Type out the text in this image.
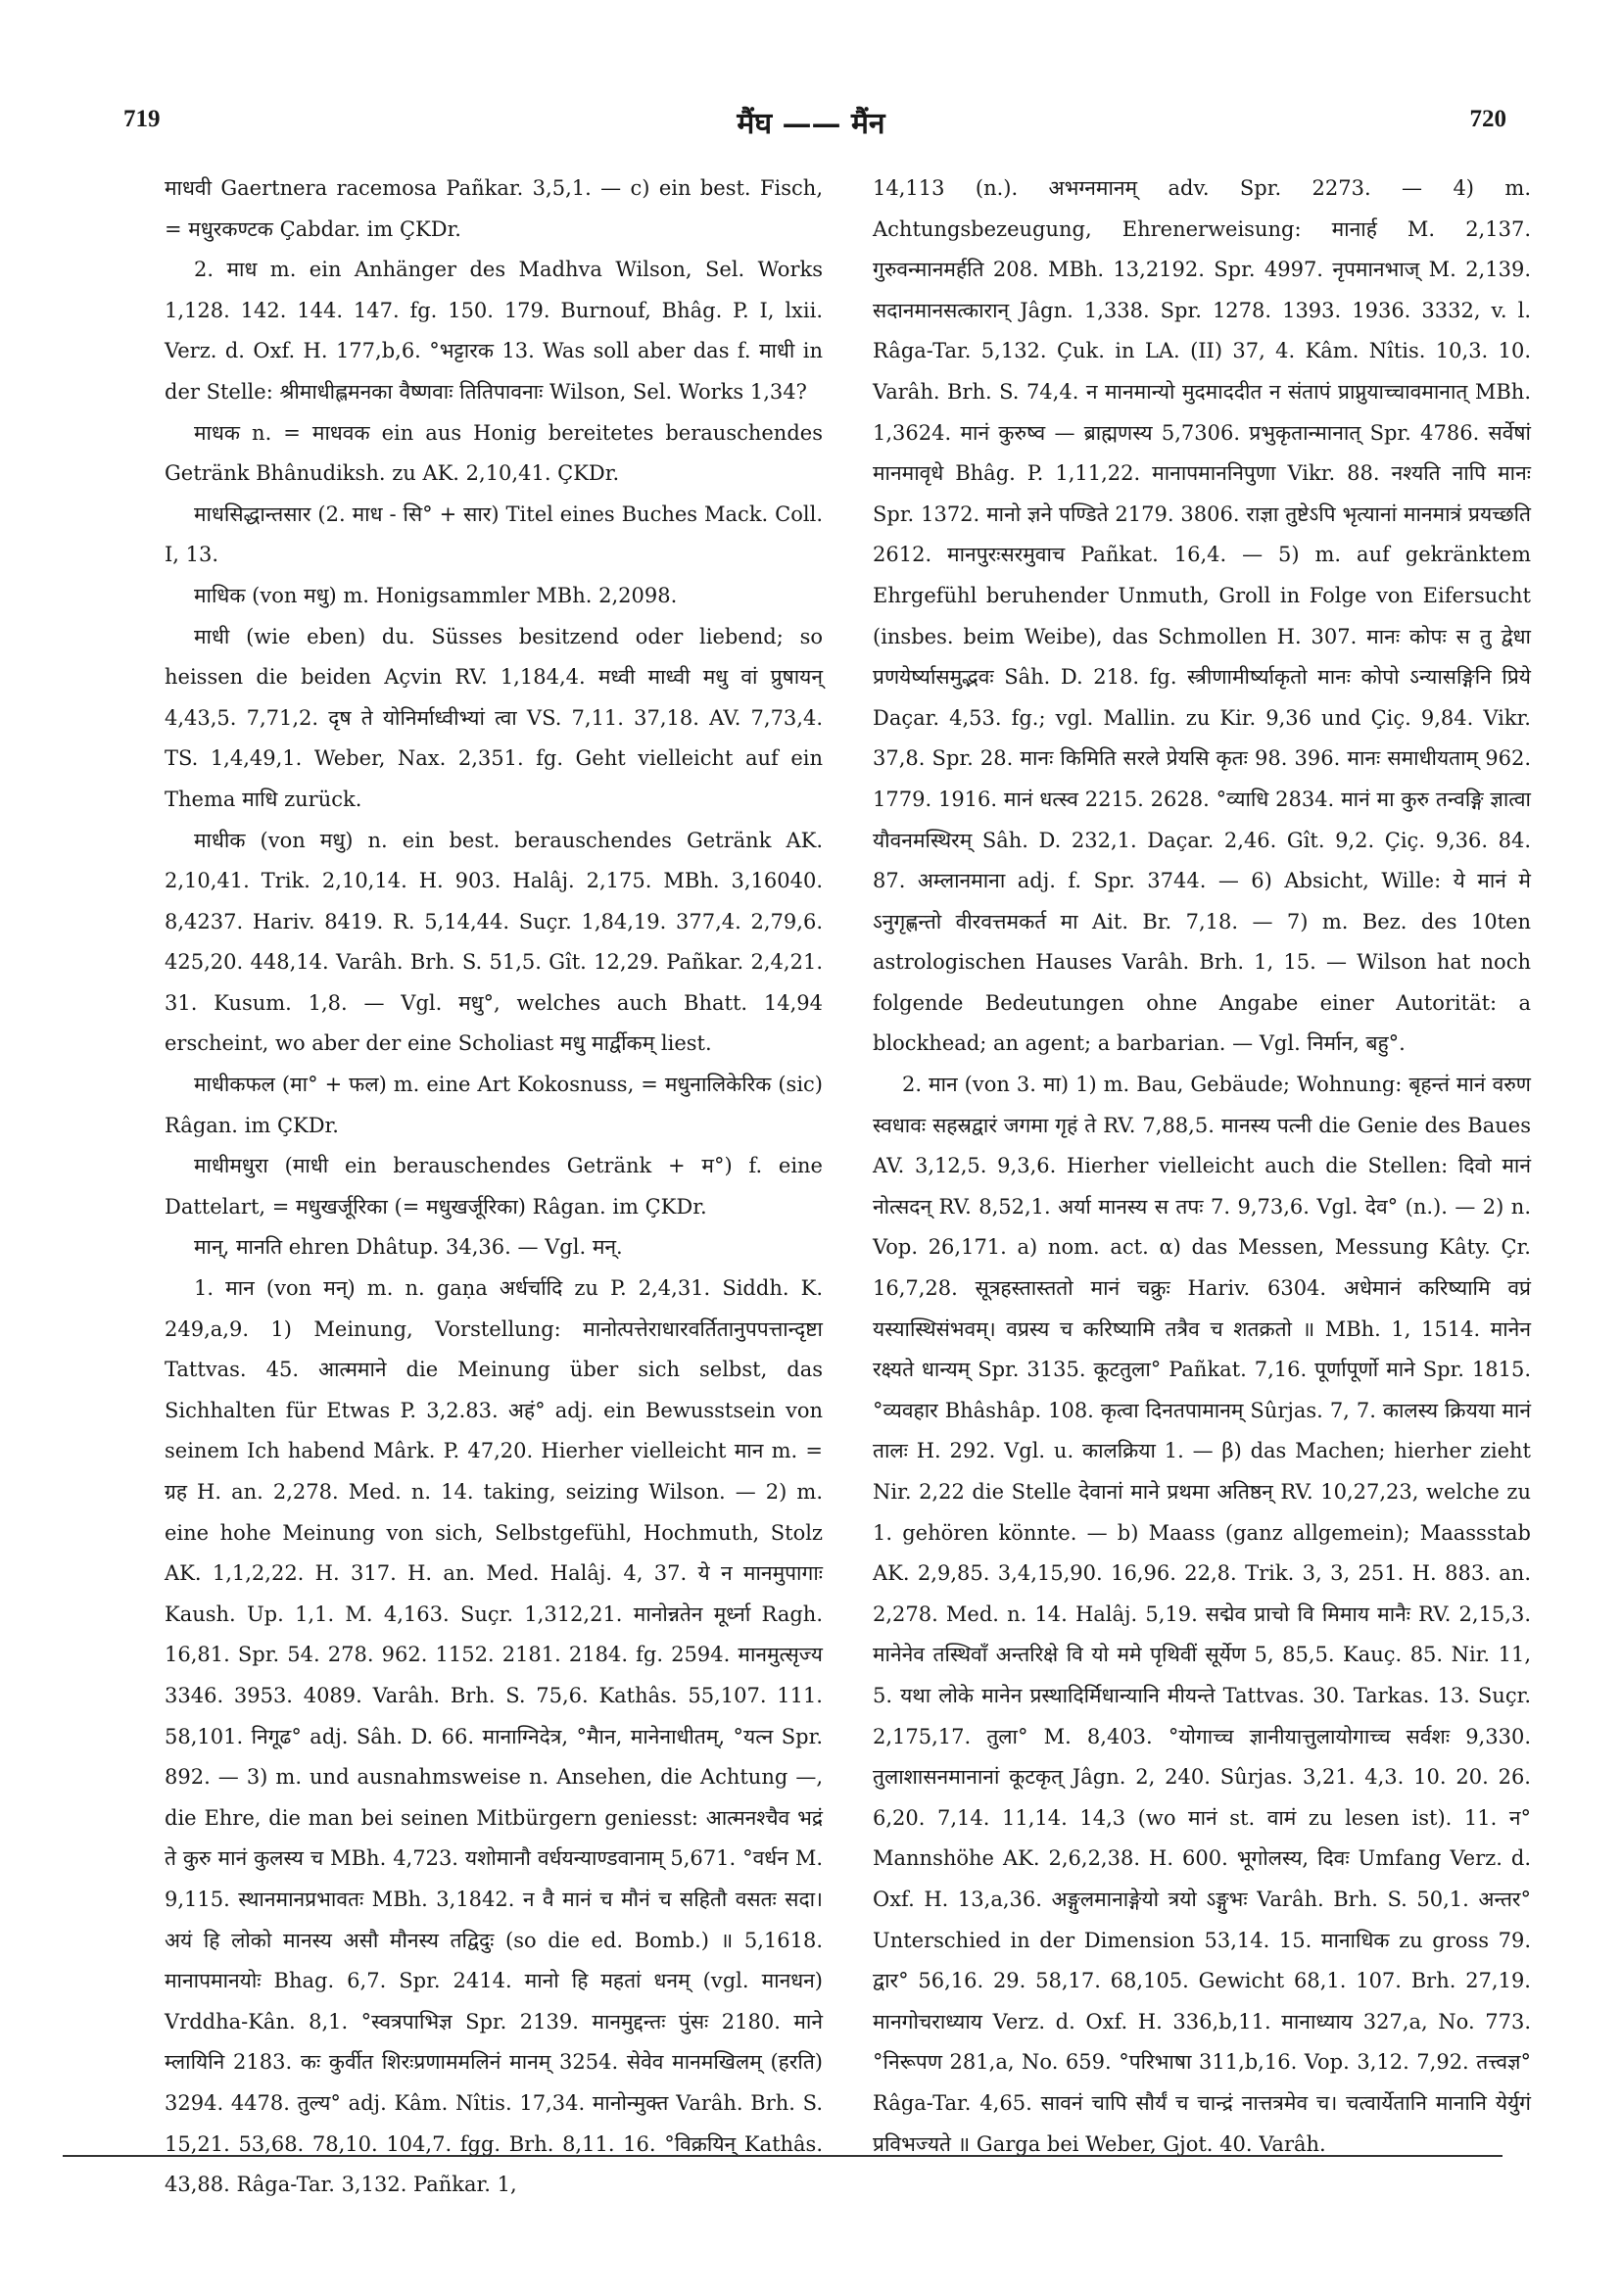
719	मैंघ —— मैंन	720

माधवी Gaertnera racemosa Pañkar. 3,5,1. — c) ein best. Fisch, = मधुरकण्टक Çabdar. im ÇKDr.

2. माध m. ein Anhänger des Madhva Wilson, Sel. Works 1,128. 142. 144. 147. fg. 150. 179. Burnouf, Bhâg. P. I, lxii. Verz. d. Oxf. H. 177,b,6. °भट्टारक 13. Was soll aber das f. माधी in der Stelle: श्रीमाधीह्लमनका वैष्णवाः तितिपावनाः Wilson, Sel. Works 1,34?

माधक n. = माधवक ein aus Honig bereitetes berauschendes Getränk Bhânudiksh. zu AK. 2,10,41. ÇKDr.

माधसिद्धान्तसार (2. माध - सि° + सार) Titel eines Buches Mack. Coll. I, 13.

माधिक (von मधु) m. Honigsammler MBh. 2,2098.

माधी (wie eben) du. Süsses besitzend oder liebend; so heissen die beiden Açvin RV. 1,184,4. मध्वी माध्वी मधु वां प्रुषायन् 4,43,5. 7,71,2. दृष ते योनिर्माध्वीभ्यां त्वा VS. 7,11. 37,18. AV. 7,73,4. TS. 1,4,49,1. Weber, Nax. 2,351. fg. Geht vielleicht auf ein Thema माधि zurück.

माधीक (von मधु) n. ein best. berauschendes Getränk AK. 2,10,41. Trik. 2,10,14. H. 903. Halâj. 2,175. MBh. 3,16040. 8,4237. Hariv. 8419. R. 5,14,44. Suçr. 1,84,19. 377,4. 2,79,6. 425,20. 448,14. Varâh. Brh. S. 51,5. Gît. 12,29. Pañkar. 2,4,21. 31. Kusum. 1,8. — Vgl. मधु°, welches auch Bhatt. 14,94 erscheint, wo aber der eine Scholiast मधु मार्द्वीकम् liest.

माधीकफल (मा° + फल) m. eine Art Kokosnuss, = मधुनालिकेरिक (sic) Râgan. im ÇKDr.

माधीमधुरा (माधी ein berauschendes Getränk + म°) f. eine Dattelart, = मधुखर्जूरिका (= मधुखर्जूरिका) Râgan. im ÇKDr.

मान्, मानति ehren Dhâtup. 34,36. — Vgl. मन्.

1. मान (von मन्) m. n. gaṇa अर्धर्चादि zu P. 2,4,31. Siddh. K. 249,a,9. 1) Meinung, Vorstellung: मानोत्पत्तेराधारवर्तितानुपपत्तान्दृष्टा Tattvas. 45. आत्ममाने die Meinung über sich selbst, das Sichhalten für Etwas P. 3,2.83. अहं° adj. ein Bewusstsein von seinem Ich habend Mârk. P. 47,20. Hierher vielleicht मान m. = ग्रह H. an. 2,278. Med. n. 14. taking, seizing Wilson. — 2) m. eine hohe Meinung von sich, Selbstgefühl, Hochmuth, Stolz AK. 1,1,2,22. H. 317. H. an. Med. Halâj. 4, 37. ये न मानमुपागाः Kaush. Up. 1,1. M. 4,163. Suçr. 1,312,21. मानोन्नतेन मूर्ध्ना Ragh. 16,81. Spr. 54. 278. 962. 1152. 2181. 2184. fg. 2594. मानमुत्सृज्य 3346. 3953. 4089. Varâh. Brh. S. 75,6. Kathâs. 55,107. 111. 58,101. निगूढ° adj. Sâh. D. 66. मानाग्निदेत्र, °मैान, मानेनाधीतम्, °यत्न Spr. 892. — 3) m. und ausnahmsweise n. Ansehen, die Achtung —, die Ehre, die man bei seinen Mitbürgern geniesst: आत्मनश्चैव भद्रं ते कुरु मानं कुलस्य च MBh. 4,723. यशोमानौ वर्धयन्याण्डवानाम् 5,671. °वर्धन M. 9,115. स्थानमानप्रभावतः MBh. 3,1842. न वै मानं च मौनं च सहितौ वसतः सदा। अयं हि लोको मानस्य असौ मौनस्य तद्विदुः (so die ed. Bomb.) ॥ 5,1618. मानापमानयोः Bhag. 6,7. Spr. 2414. मानो हि महतां धनम् (vgl. मानधन) Vrddha-Kân. 8,1. °स्वत्रपाभिज्ञ Spr. 2139. मानमुद्दन्तः पुंसः 2180. माने म्लायिनि 2183. कः कुर्वीत शिरःप्रणाममलिनं मानम् 3254. सेवेव मानमखिलम् (हरति) 3294. 4478. तुल्य° adj. Kâm. Nîtis. 17,34. मानोन्मुक्त Varâh. Brh. S. 15,21. 53,68. 78,10. 104,7. fgg. Brh. 8,11. 16. °विक्रयिन् Kathâs. 43,88. Râga-Tar. 3,132. Pañkar. 1,

14,113 (n.). अभग्नमानम् adv. Spr. 2273. — 4) m. Achtungsbezeugung, Ehrenerweisung: मानार्ह M. 2,137. गुरुवन्मानमर्हति 208. MBh. 13,2192. Spr. 4997. नृपमानभाज् M. 2,139. सदानमानसत्कारान् Jâgn. 1,338. Spr. 1278. 1393. 1936. 3332, v. l. Râga-Tar. 5,132. Çuk. in LA. (II) 37, 4. Kâm. Nîtis. 10,3. 10. Varâh. Brh. S. 74,4. न मानमान्यो मुदमाददीत न संतापं प्राप्नुयाच्चावमानात् MBh. 1,3624. मानं कुरुष्व — ब्राह्मणस्य 5,7306. प्रभुकृतान्मानात् Spr. 4786. सर्वेषां मानमावृधे Bhâg. P. 1,11,22. मानापमाननिपुणा Vikr. 88. नश्यति नापि मानः Spr. 1372. मानो ज्ञने पण्डिते 2179. 3806. राज्ञा तुष्टेऽपि भृत्यानां मानमात्रं प्रयच्छति 2612. मानपुरःसरमुवाच Pañkat. 16,4. — 5) m. auf gekränktem Ehrgefühl beruhender Unmuth, Groll in Folge von Eifersucht (insbes. beim Weibe), das Schmollen H. 307. मानः कोपः स तु द्वेधा प्रणयेर्ष्यासमुद्भवः Sâh. D. 218. fg. स्त्रीणामीर्ष्याकृतो मानः कोपो ऽन्यासङ्गिनि प्रिये Daçar. 4,53. fg.; vgl. Mallin. zu Kir. 9,36 und Çiç. 9,84. Vikr. 37,8. Spr. 28. मानः किमिति सरले प्रेयसि कृतः 98. 396. मानः समाधीयताम् 962. 1779. 1916. मानं धत्स्व 2215. 2628. °व्याधि 2834. मानं मा कुरु तन्वङ्गि ज्ञात्वा यौवनमस्थिरम् Sâh. D. 232,1. Daçar. 2,46. Gît. 9,2. Çiç. 9,36. 84. 87. अम्लानमाना adj. f. Spr. 3744. — 6) Absicht, Wille: ये मानं मे ऽनुगृह्णन्तो वीरवत्तमकर्त मा Ait. Br. 7,18. — 7) m. Bez. des 10ten astrologischen Hauses Varâh. Brh. 1, 15. — Wilson hat noch folgende Bedeutungen ohne Angabe einer Autorität: a blockhead; an agent; a barbarian. — Vgl. निर्मान, बहु°.

2. मान (von 3. मा) 1) m. Bau, Gebäude; Wohnung: बृहन्तं मानं वरुण स्वधावः सहस्रद्वारं जगमा गृहं ते RV. 7,88,5. मानस्य पत्नी die Genie des Baues AV. 3,12,5. 9,3,6. Hierher vielleicht auch die Stellen: दिवो मानं नोत्सदन् RV. 8,52,1. अर्या मानस्य स तपः 7. 9,73,6. Vgl. देव° (n.). — 2) n. Vop. 26,171. a) nom. act. α) das Messen, Messung Kâty. Çr. 16,7,28. सूत्रहस्तास्ततो मानं चक्रुः Hariv. 6304. अधेमानं करिष्यामि वप्रं यस्यास्थिसंभवम्। वप्रस्य च करिष्यामि तत्रैव च शतक्रतो ॥ MBh. 1, 1514. मानेन रक्ष्यते धान्यम् Spr. 3135. कूटतुला° Pañkat. 7,16. पूर्णापूर्णो माने Spr. 1815. °व्यवहार Bhâshâp. 108. कृत्वा दिनतपामानम् Sûrjas. 7, 7. कालस्य क्रियया मानं तालः H. 292. Vgl. u. कालक्रिया 1. — β) das Machen; hierher zieht Nir. 2,22 die Stelle देवानां माने प्रथमा अतिष्ठन् RV. 10,27,23, welche zu 1. gehören könnte. — b) Maass (ganz allgemein); Maassstab AK. 2,9,85. 3,4,15,90. 16,96. 22,8. Trik. 3, 3, 251. H. 883. an. 2,278. Med. n. 14. Halâj. 5,19. सद्मेव प्राचो वि मिमाय मानैः RV. 2,15,3. मानेनेव तस्थिवाँ अन्तरिक्षे वि यो ममे पृथिवीं सूर्येण 5, 85,5. Kauç. 85. Nir. 11, 5. यथा लोके मानेन प्रस्थादिर्मिधान्यानि मीयन्ते Tattvas. 30. Tarkas. 13. Suçr. 2,175,17. तुला° M. 8,403. °योगाच्च ज्ञानीयात्तुलायोगाच्च सर्वशः 9,330. तुलाशासनमानानां कूटकृत् Jâgn. 2, 240. Sûrjas. 3,21. 4,3. 10. 20. 26. 6,20. 7,14. 11,14. 14,3 (wo मानं st. वामं zu lesen ist). 11. न° Mannshöhe AK. 2,6,2,38. H. 600. भूगोलस्य, दिवः Umfang Verz. d. Oxf. H. 13,a,36. अङ्गुलमानाङ्गेयो त्रयो ऽङ्गुभः Varâh. Brh. S. 50,1. अन्तर° Unterschied in der Dimension 53,14. 15. मानाधिक zu gross 79. द्वार° 56,16. 29. 58,17. 68,105. Gewicht 68,1. 107. Brh. 27,19. मानगोचराध्याय Verz. d. Oxf. H. 336,b,11. मानाध्याय 327,a, No. 773. °निरूपण 281,a, No. 659. °परिभाषा 311,b,16. Vop. 3,12. 7,92. तत्त्वज्ञ° Râga-Tar. 4,65. सावनं चापि सौर्यं च चान्द्रं नात्तत्रमेव च। चत्वार्येतानि मानानि येर्युगं प्रविभज्यते ॥ Garga bei Weber, Gjot. 40. Varâh.
